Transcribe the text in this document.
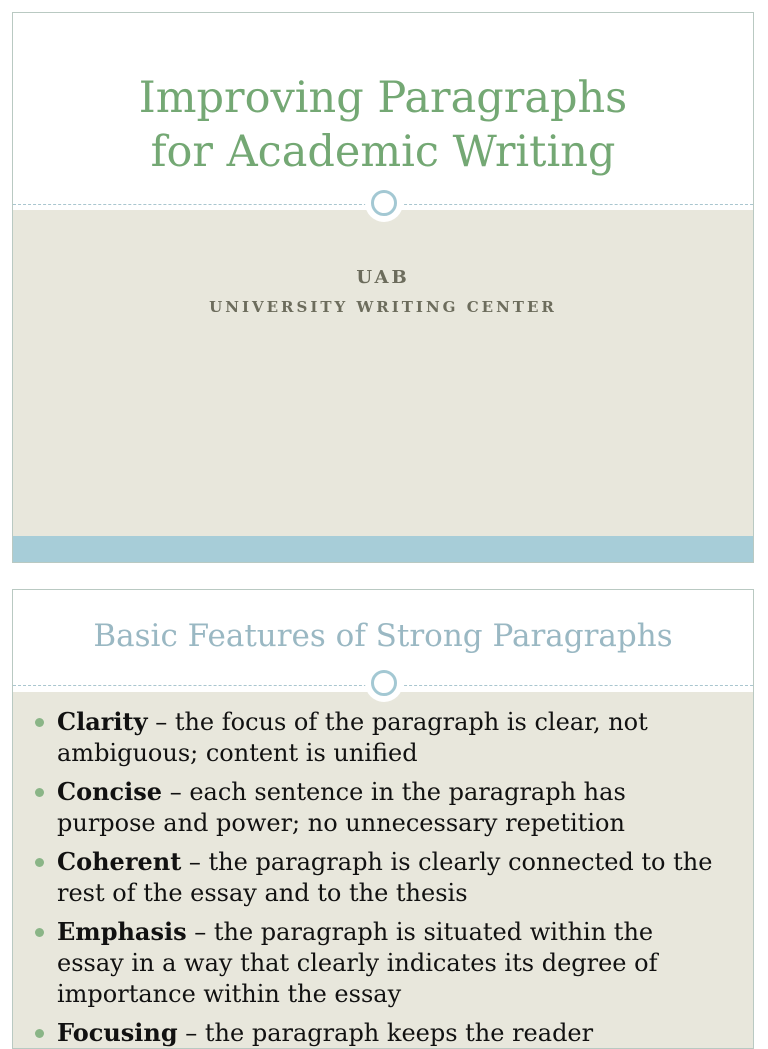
Improving Paragraphs
for Academic Writing
UAB
UNIVERSITY WRITING CENTER
Basic Features of Strong Paragraphs
Clarity – the focus of the paragraph is clear, not ambiguous; content is unified
Concise – each sentence in the paragraph has purpose and power; no unnecessary repetition
Coherent – the paragraph is clearly connected to the rest of the essay and to the thesis
Emphasis – the paragraph is situated within the essay in a way that clearly indicates its degree of importance within the essay
Focusing – the paragraph keeps the reader
